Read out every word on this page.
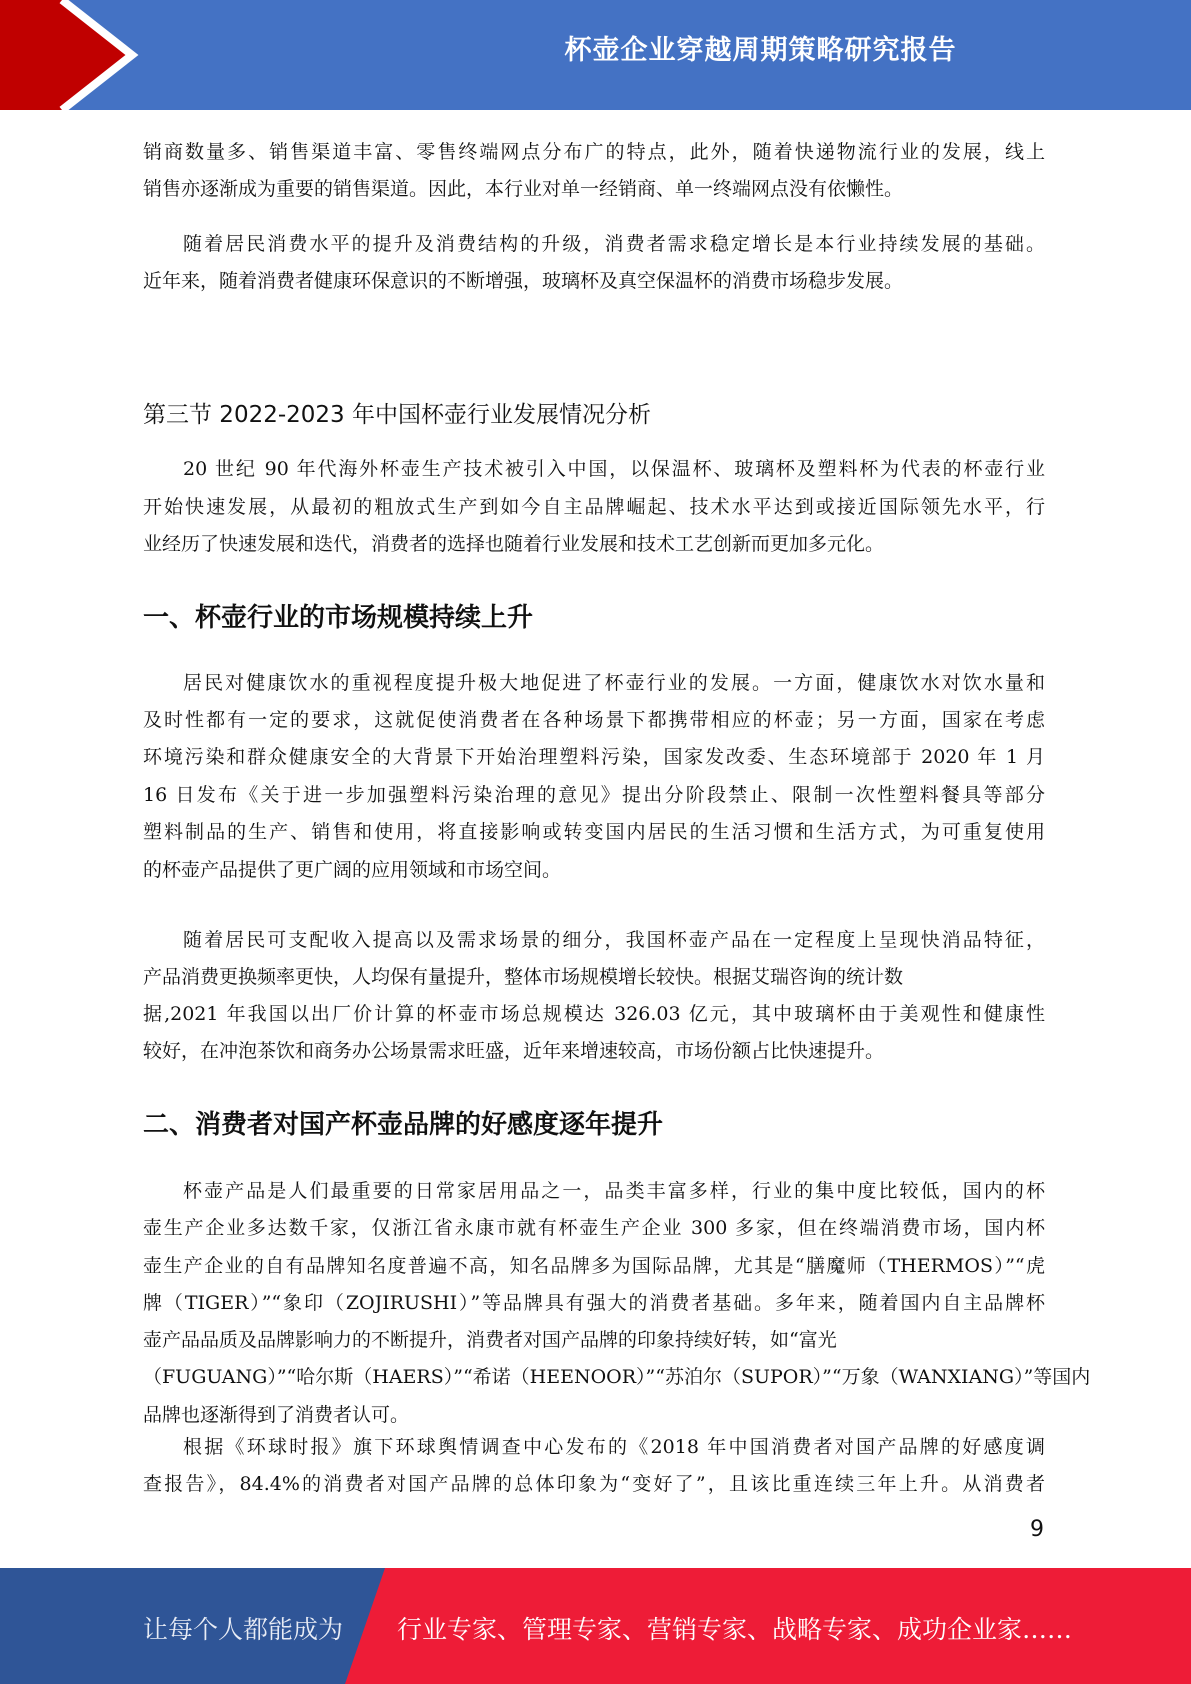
杯壶企业穿越周期策略研究报告
销商数量多、销售渠道丰富、零售终端网点分布广的特点，此外，随着快递物流行业的发展，线上
销售亦逐渐成为重要的销售渠道。因此，本行业对单一经销商、单一终端网点没有依懒性。
随着居民消费水平的提升及消费结构的升级，消费者需求稳定增长是本行业持续发展的基础。
近年来，随着消费者健康环保意识的不断增强，玻璃杯及真空保温杯的消费市场稳步发展。
第三节 2022-2023 年中国杯壶行业发展情况分析
20 世纪 90 年代海外杯壶生产技术被引入中国，以保温杯、玻璃杯及塑料杯为代表的杯壶行业
开始快速发展，从最初的粗放式生产到如今自主品牌崛起、技术水平达到或接近国际领先水平，行
业经历了快速发展和迭代，消费者的选择也随着行业发展和技术工艺创新而更加多元化。
一、杯壶行业的市场规模持续上升
居民对健康饮水的重视程度提升极大地促进了杯壶行业的发展。一方面，健康饮水对饮水量和
及时性都有一定的要求，这就促使消费者在各种场景下都携带相应的杯壶；另一方面，国家在考虑
环境污染和群众健康安全的大背景下开始治理塑料污染，国家发改委、生态环境部于 2020 年 1 月
16 日发布《关于进一步加强塑料污染治理的意见》提出分阶段禁止、限制一次性塑料餐具等部分
塑料制品的生产、销售和使用，将直接影响或转变国内居民的生活习惯和生活方式，为可重复使用
的杯壶产品提供了更广阔的应用领域和市场空间。
随着居民可支配收入提高以及需求场景的细分，我国杯壶产品在一定程度上呈现快消品特征，
产品消费更换频率更快，人均保有量提升，整体市场规模增长较快。根据艾瑞咨询的统计数
据,2021 年我国以出厂价计算的杯壶市场总规模达 326.03 亿元，其中玻璃杯由于美观性和健康性
较好，在冲泡茶饮和商务办公场景需求旺盛，近年来增速较高，市场份额占比快速提升。
二、消费者对国产杯壶品牌的好感度逐年提升
杯壶产品是人们最重要的日常家居用品之一，品类丰富多样，行业的集中度比较低，国内的杯
壶生产企业多达数千家，仅浙江省永康市就有杯壶生产企业 300 多家，但在终端消费市场，国内杯
壶生产企业的自有品牌知名度普遍不高，知名品牌多为国际品牌，尤其是“膳魔师（THERMOS）”“虎
牌（TIGER）”“象印（ZOJIRUSHI）”等品牌具有强大的消费者基础。多年来，随着国内自主品牌杯
壶产品品质及品牌影响力的不断提升，消费者对国产品牌的印象持续好转，如“富光
（FUGUANG）”“哈尔斯（HAERS）”“希诺（HEENOOR）”“苏泊尔（SUPOR）”“万象（WANXIANG）”等国内
品牌也逐渐得到了消费者认可。
根据《环球时报》旗下环球舆情调查中心发布的《2018 年中国消费者对国产品牌的好感度调
查报告》，84.4%的消费者对国产品牌的总体印象为“变好了”，且该比重连续三年上升。从消费者
9
让每个人都能成为 行业专家、管理专家、营销专家、战略专家、成功企业家……
